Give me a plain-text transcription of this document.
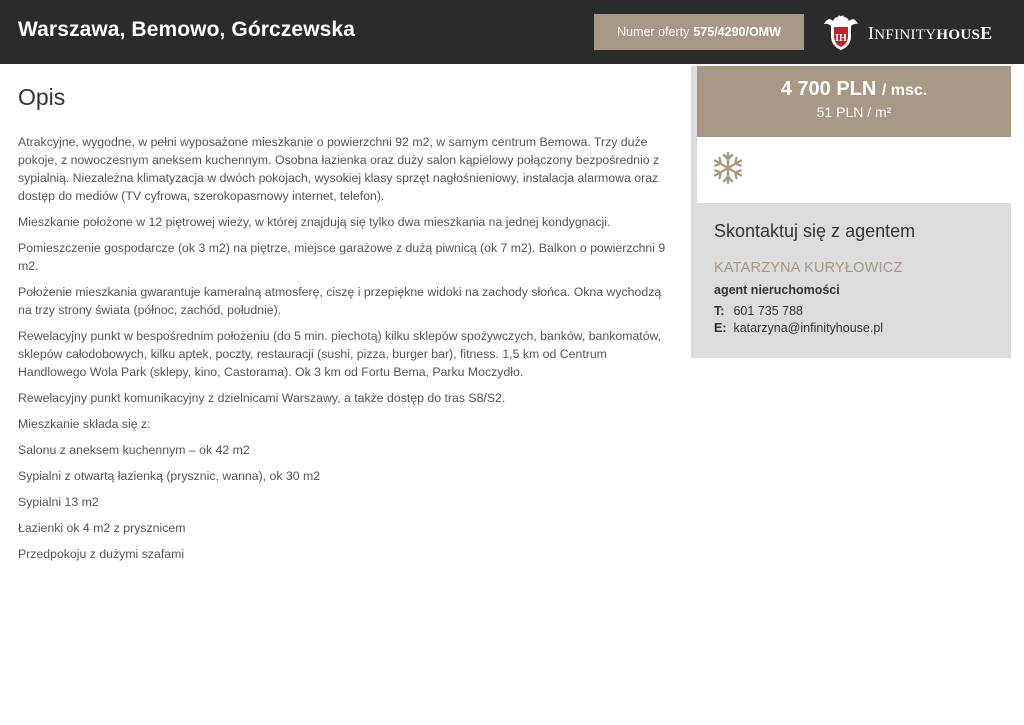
Warszawa, Bemowo, Górczewska	Numer oferty 575/4290/OMW	IH INFINITYHOUSE
Opis

Atrakcyjne, wygodne, w pełni wyposażone mieszkanie o powierzchni 92 m2, w samym centrum Bemowa. Trzy duże pokoje, z nowoczesnym aneksem kuchennym. Osobna łazienka oraz duży salon kąpielowy połączony bezpośrednio z sypialnią. Niezależna klimatyzacja w dwóch pokojach, wysokiej klasy sprzęt nagłośnieniowy, instalacja alarmowa oraz dostęp do mediów (TV cyfrowa, szerokopasmowy internet, telefon).

Mieszkanie położone w 12 piętrowej wieży, w której znajdują się tylko dwa mieszkania na jednej kondygnacji.

Pomieszczenie gospodarcze (ok 3 m2) na piętrze, miejsce garażowe z dużą piwnicą (ok 7 m2). Balkon o powierzchni 9 m2.

Położenie mieszkania gwarantuje kameralną atmosferę, ciszę i przepiękne widoki na zachody słońca. Okna wychodzą na trzy strony świata (północ, zachód, południe).

Rewelacyjny punkt w bespośrednim położeniu (do 5 min. piechotą) kilku sklepów spożywczych, banków, bankomatów, sklepów całodobowych, kilku aptek, poczty, restauracji (sushi, pizza, burger bar), fitness. 1,5 km od Centrum Handlowego Wola Park (sklepy, kino, Castorama). Ok 3 km od Fortu Bema, Parku Moczydło.

Rewelacyjny punkt komunikacyjny z dzielnicami Warszawy, a także dostęp do tras S8/S2.

Mieszkanie składa się z:

Salonu z aneksem kuchennym – ok 42 m2

Sypialni z otwartą łazienką (prysznic, wanna), ok 30 m2

Sypialni 13 m2

Łazienki ok 4 m2 z prysznicem

Przedpokoju z dużymi szafami

4 700 PLN / msc.
51 PLN / m²
Skontaktuj się z agentem
KATARZYNA KURYŁOWICZ
agent nieruchomości
T: 601 735 788
E: katarzyna@infinityhouse.pl
